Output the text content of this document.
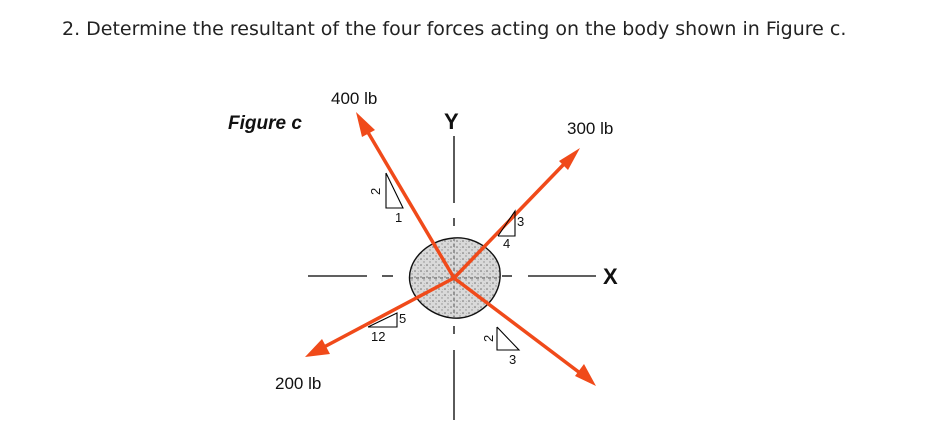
2. Determine the resultant of the four forces acting on the body shown in Figure c.
Figure c	Y
X
400 lb
300 lb
200 lb
2
1	3
4
5
12	2
3
